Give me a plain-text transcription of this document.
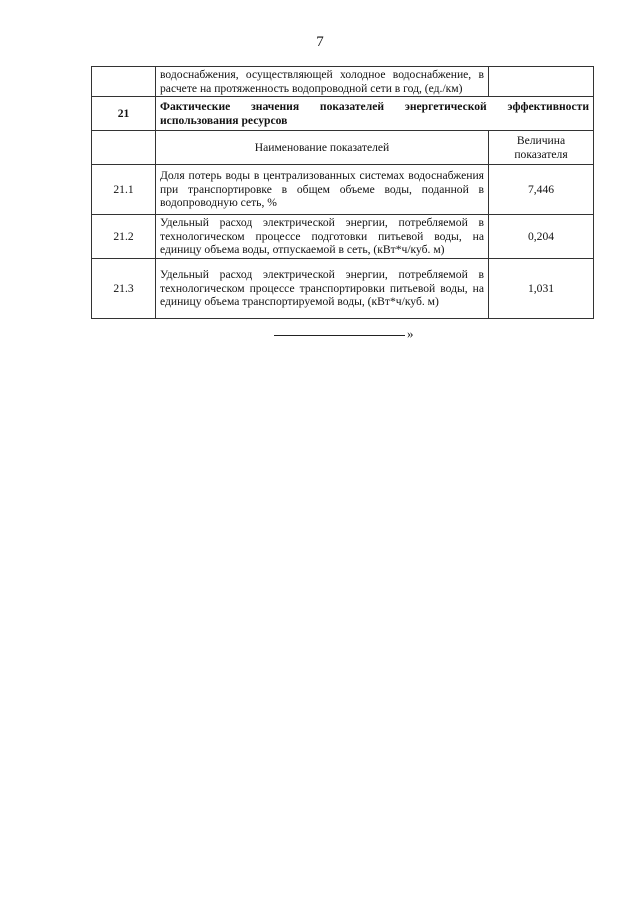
7
	водоснабжения, осуществляющей холодное водоснабжение, в расчете на протяженность водопроводной сети в год, (ед./км)	
21	Фактические значения показателей энергетической эффективности использования ресурсов	
	Наименование показателей	Величина показателя
21.1	Доля потерь воды в централизованных системах водоснабжения при транспортировке в общем объеме воды, поданной в водопроводную сеть, %	7,446
21.2	Удельный расход электрической энергии, потребляемой в технологическом процессе подготовки питьевой воды, на единицу объема воды, отпускаемой в сеть, (кВт*ч/куб. м)	0,204
21.3	Удельный расход электрической энергии, потребляемой в технологическом процессе транспортировки питьевой воды, на единицу объема транспортируемой воды, (кВт*ч/куб. м)	1,031
»
